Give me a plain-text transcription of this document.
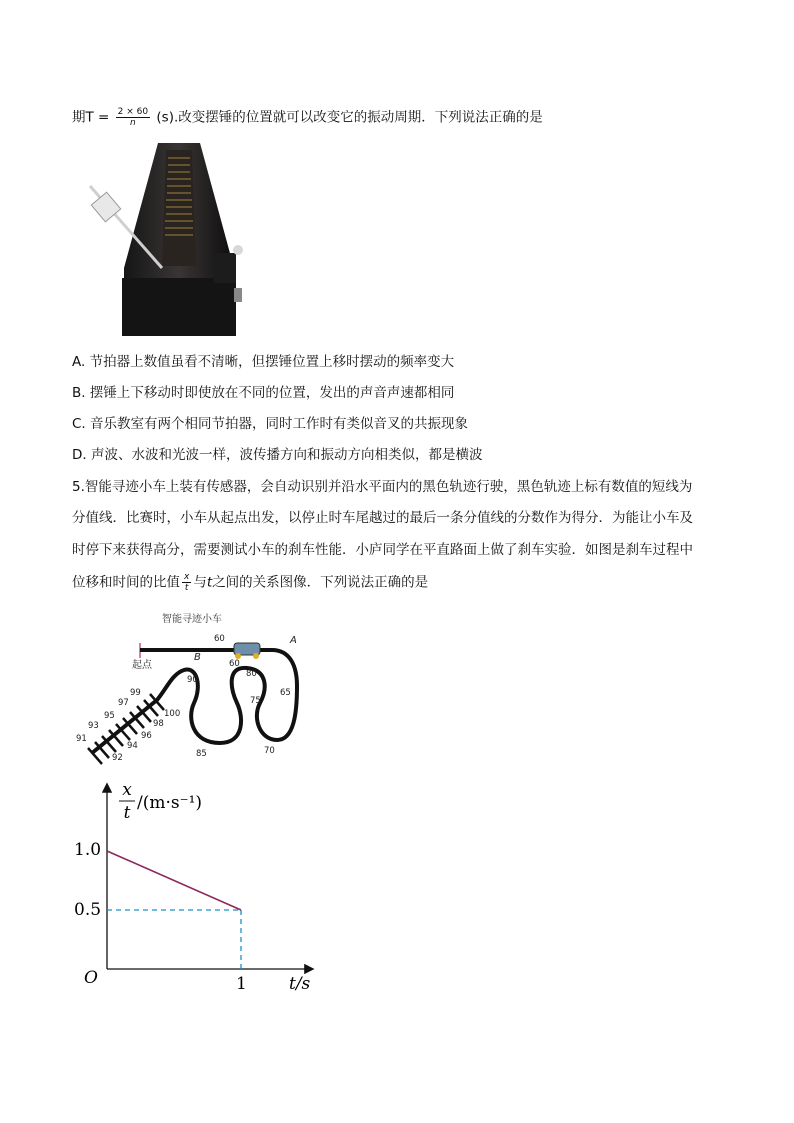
期$T = \frac{2 \times 60}{n} (s)$.改变摆锤的位置就可以改变它的振动周期．下列说法正确的是
A. 节拍器上数值虽看不清晰，但摆锤位置上移时摆动的频率变大
B. 摆锤上下移动时即使放在不同的位置，发出的声音声速都相同
C. 音乐教室有两个相同节拍器，同时工作时有类似音叉的共振现象
D. 声波、水波和光波一样，波传播方向和振动方向相类似，都是横波
5.智能寻迹小车上装有传感器，会自动识别并沿水平面内的黑色轨迹行驶，黑色轨迹上标有数值的短线为
分值线．比赛时，小车从起点出发，以停止时车尾越过的最后一条分值线的分数作为得分．为能让小车及
时停下来获得高分，需要测试小车的刹车性能．小庐同学在平直路面上做了刹车实验．如图是刹车过程中
位移和时间的比值 $\frac{x}{t}$ 与t之间的关系图像．下列说法正确的是
智能寻迹小车
起点
A
B
60
60
80
65
75
70
85
90
100
98
99
97
96
95
94
93
92
91
x
t /(m·s⁻¹)
1.0
0.5
O	1 t/s
